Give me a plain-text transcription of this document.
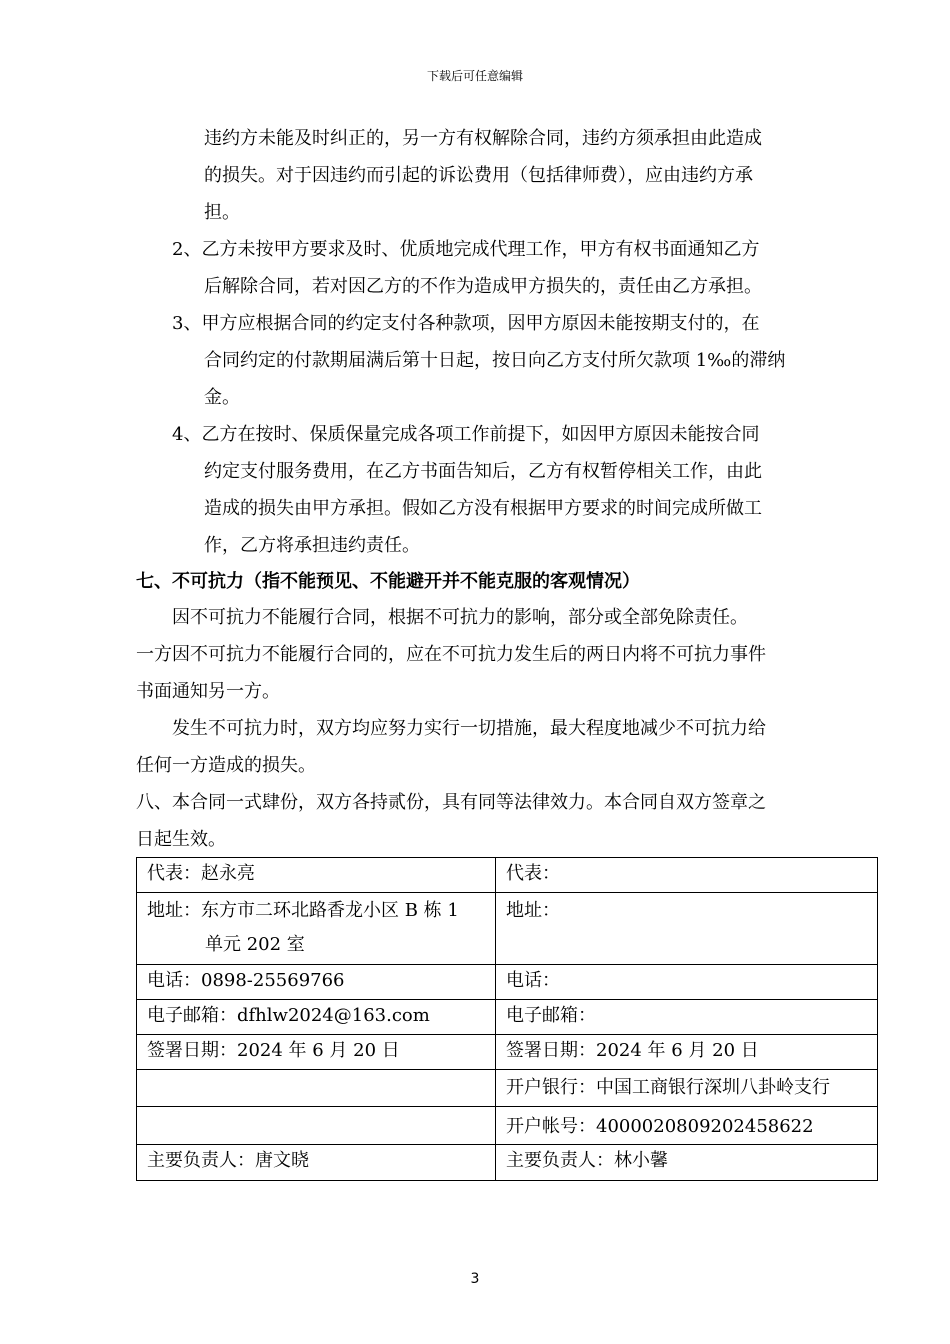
下载后可任意编辑
违约方未能及时纠正的，另一方有权解除合同，违约方须承担由此造成
的损失。对于因违约而引起的诉讼费用（包括律师费），应由违约方承
担。
2、乙方未按甲方要求及时、优质地完成代理工作，甲方有权书面通知乙方
后解除合同，若对因乙方的不作为造成甲方损失的，责任由乙方承担。
3、甲方应根据合同的约定支付各种款项，因甲方原因未能按期支付的，在
合同约定的付款期届满后第十日起，按日向乙方支付所欠款项 1‰的滞纳
金。
4、乙方在按时、保质保量完成各项工作前提下，如因甲方原因未能按合同
约定支付服务费用，在乙方书面告知后，乙方有权暂停相关工作，由此
造成的损失由甲方承担。假如乙方没有根据甲方要求的时间完成所做工
作，乙方将承担违约责任。
七、不可抗力（指不能预见、不能避开并不能克服的客观情况）
因不可抗力不能履行合同，根据不可抗力的影响，部分或全部免除责任。
一方因不可抗力不能履行合同的，应在不可抗力发生后的两日内将不可抗力事件
书面通知另一方。
发生不可抗力时，双方均应努力实行一切措施，最大程度地减少不可抗力给
任何一方造成的损失。
八、本合同一式肆份，双方各持贰份，具有同等法律效力。本合同自双方签章之
日起生效。
代表：赵永亮	代表：

地址：东方市二环北路香龙小区 B 栋 1
单元 202 室	地址：

电话：0898-25569766	电话：

电子邮箱：dfhlw2024@163.com	电子邮箱：

签署日期：2024 年 6 月 20 日	签署日期：2024 年 6 月 20 日

	开户银行：中国工商银行深圳八卦岭支行

	开户帐号：4000020809202458622

主要负责人：唐文晓	主要负责人：林小馨
3
